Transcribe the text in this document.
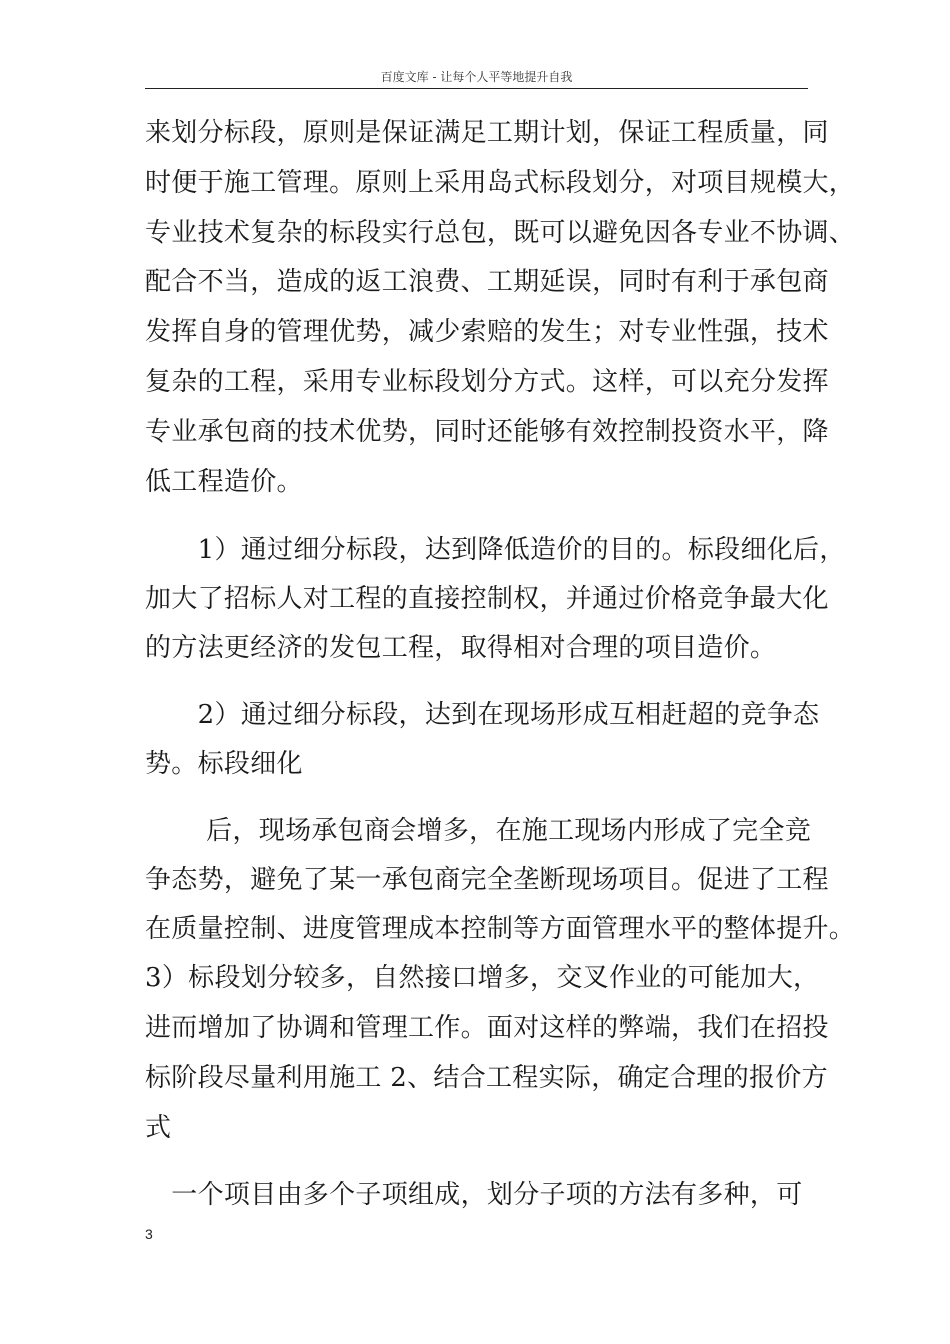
百度文库 - 让每个人平等地提升自我
来划分标段，原则是保证满足工期计划，保证工程质量，同
时便于施工管理。原则上采用岛式标段划分，对项目规模大，
专业技术复杂的标段实行总包，既可以避免因各专业不协调、
配合不当，造成的返工浪费、工期延误，同时有利于承包商
发挥自身的管理优势，减少索赔的发生；对专业性强，技术
复杂的工程，采用专业标段划分方式。这样，可以充分发挥
专业承包商的技术优势，同时还能够有效控制投资水平，降
低工程造价。
　　1）通过细分标段，达到降低造价的目的。标段细化后，
加大了招标人对工程的直接控制权，并通过价格竞争最大化
的方法更经济的发包工程，取得相对合理的项目造价。
　　2）通过细分标段，达到在现场形成互相赶超的竞争态
势。标段细化
　　 后，现场承包商会增多，在施工现场内形成了完全竞
争态势，避免了某一承包商完全垄断现场项目。促进了工程
在质量控制、进度管理成本控制等方面管理水平的整体提升。
3）标段划分较多，自然接口增多，交叉作业的可能加大，
进而增加了协调和管理工作。面对这样的弊端，我们在招投
标阶段尽量利用施工 2、结合工程实际，确定合理的报价方
式
　一个项目由多个子项组成，划分子项的方法有多种，可
3
